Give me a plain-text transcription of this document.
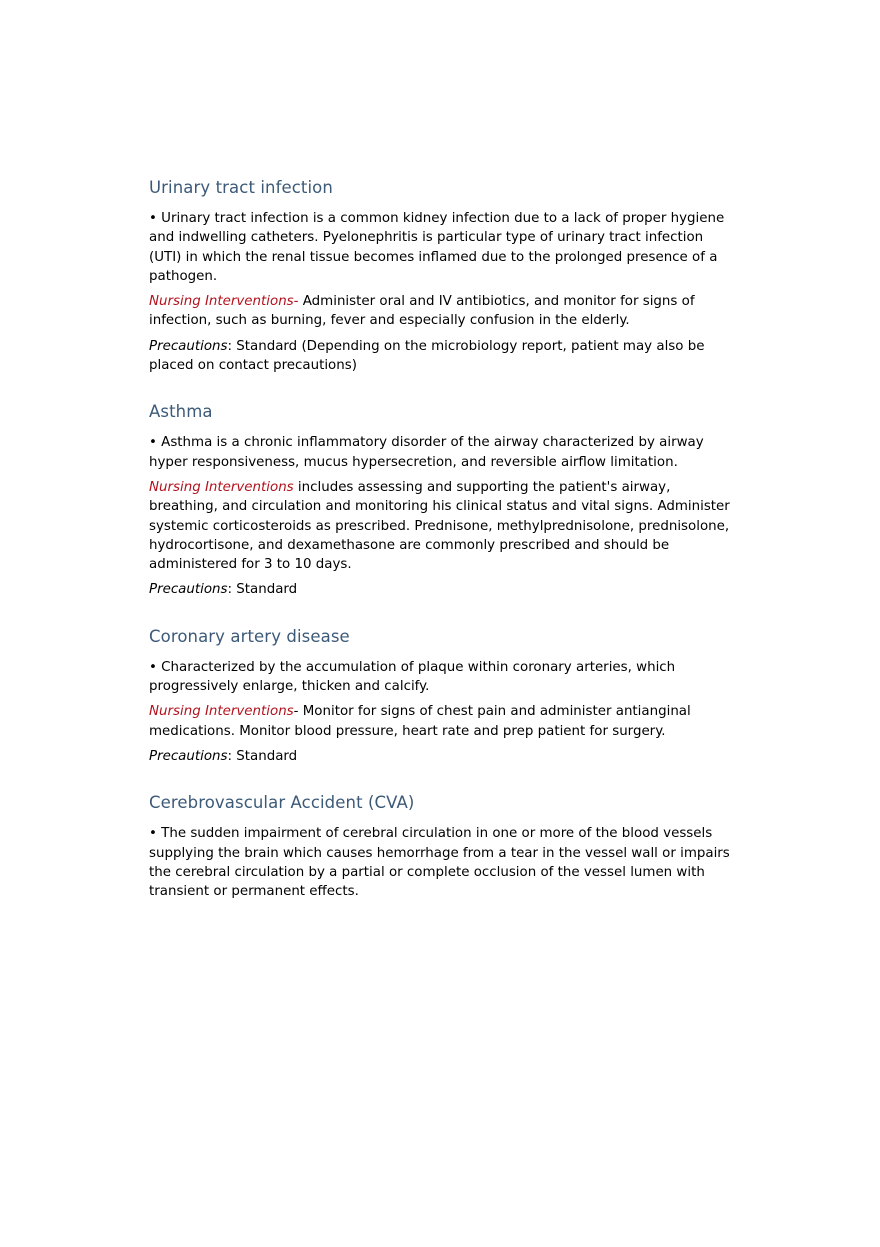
Urinary tract infection

• Urinary tract infection is a common kidney infection due to a lack of proper hygiene and indwelling catheters. Pyelonephritis is particular type of urinary tract infection (UTI) in which the renal tissue becomes inflamed due to the prolonged presence of a pathogen.

Nursing Interventions- Administer oral and IV antibiotics, and monitor for signs of infection, such as burning, fever and especially confusion in the elderly.

Precautions: Standard (Depending on the microbiology report, patient may also be placed on contact precautions)

Asthma

• Asthma is a chronic inflammatory disorder of the airway characterized by airway hyper responsiveness, mucus hypersecretion, and reversible airflow limitation.

Nursing Interventions includes assessing and supporting the patient's airway, breathing, and circulation and monitoring his clinical status and vital signs. Administer systemic corticosteroids as prescribed. Prednisone, methylprednisolone, prednisolone, hydrocortisone, and dexamethasone are commonly prescribed and should be administered for 3 to 10 days.

Precautions: Standard

Coronary artery disease

• Characterized by the accumulation of plaque within coronary arteries, which progressively enlarge, thicken and calcify.

Nursing Interventions- Monitor for signs of chest pain and administer antianginal medications. Monitor blood pressure, heart rate and prep patient for surgery.

Precautions: Standard

Cerebrovascular Accident (CVA)

• The sudden impairment of cerebral circulation in one or more of the blood vessels supplying the brain which causes hemorrhage from a tear in the vessel wall or impairs the cerebral circulation by a partial or complete occlusion of the vessel lumen with transient or permanent effects.
